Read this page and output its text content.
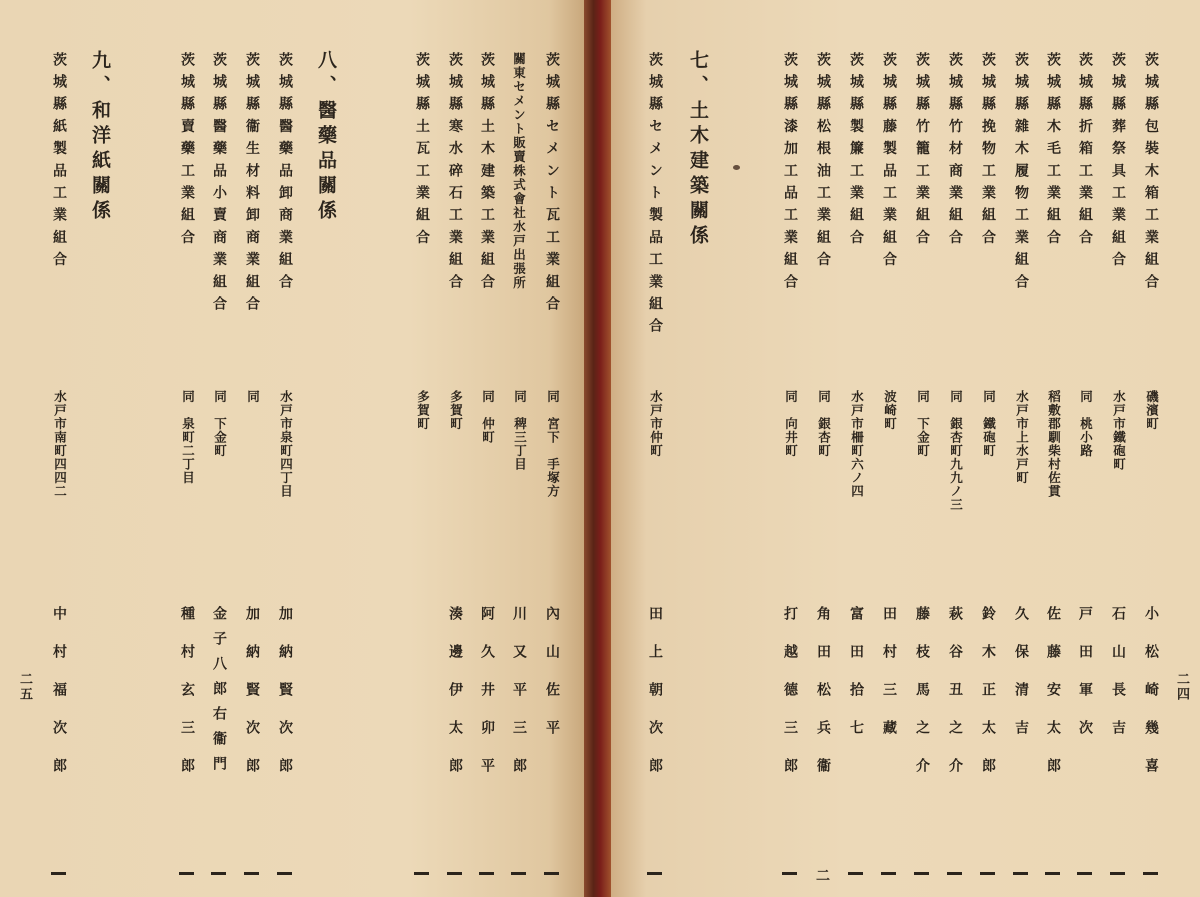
二四
二五
茨城縣土瓦工業組合
多賀町
茨城縣寒水碎石工業組合
多賀町
湊邊伊太郎
茨城縣土木建築工業組合
同　仲町
阿久井卯平
關東セメント販賣株式會社水戸出張所
同　稗三丁目
川又平三郎
茨城縣セメント瓦工業組合
同　宮下　手塚方
內山佐平
八、醫藥品關係
茨城縣醫藥品卸商業組合
水戸市泉町四丁目
加納賢次郎
茨城縣衞生材料卸商業組合
同
加納賢次郎
茨城縣醫藥品小賣商業組合
同　下金町
金子八郎右衞門
茨城縣賣藥工業組合
同　泉町二丁目
種村玄三郎
九、和洋紙關係
茨城縣紙製品工業組合
水戸市南町四四二
中村福次郎
茨城縣包裝木箱工業組合
磯濱町
小松崎幾喜
茨城縣葬祭具工業組合
水戸市鐵砲町
石山長吉
茨城縣折箱工業組合
同　桃小路
戸田軍次
茨城縣木毛工業組合
稻敷郡馴柴村佐貫
佐藤安太郎
茨城縣雜木履物工業組合
水戸市上水戸町
久保清吉
茨城縣挽物工業組合
同　鐵砲町
鈴木正太郎
茨城縣竹材商業組合
同　銀杏町九九ノ三
萩谷丑之介
茨城縣竹籠工業組合
同　下金町
藤枝馬之介
茨城縣藤製品工業組合
波崎町
田村三藏
茨城縣製簾工業組合
水戸市柵町六ノ四
富田拾七
茨城縣松根油工業組合
同　銀杏町
角田松兵衞
二
茨城縣漆加工品工業組合
同　向井町
打越德三郎
七、土木建築關係
茨城縣セメント製品工業組合
水戸市仲町
田上朝次郎
